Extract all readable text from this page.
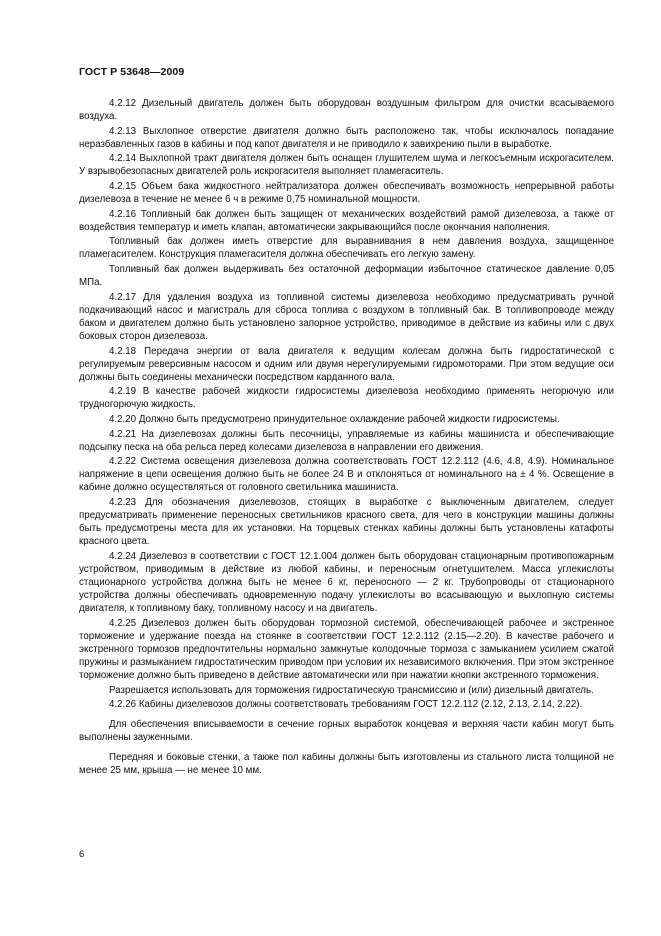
ГОСТ Р 53648—2009

4.2.12 Дизельный двигатель должен быть оборудован воздушным фильтром для очистки всасываемого воздуха.

4.2.13 Выхлопное отверстие двигателя должно быть расположено так, чтобы исключалось попадание неразбавленных газов в кабины и под капот двигателя и не приводило к завихрению пыли в выработке.

4.2.14 Выхлопной тракт двигателя должен быть оснащен глушителем шума и легкосъемным искрогасителем. У взрывобезопасных двигателей роль искрогасителя выполняет пламегаситель.

4.2.15 Объем бака жидкостного нейтрализатора должен обеспечивать возможность непрерывной работы дизелевоза в течение не менее 6 ч в режиме 0,75 номинальной мощности.

4.2.16 Топливный бак должен быть защищен от механических воздействий рамой дизелевоза, а также от воздействия температур и иметь клапан, автоматически закрывающийся после окончания наполнения.

Топливный бак должен иметь отверстие для выравнивания в нем давления воздуха, защищенное пламегасителем. Конструкция пламегасителя должна обеспечивать его легкую замену.

Топливный бак должен выдерживать без остаточной деформации избыточное статическое давление 0,05 МПа.

4.2.17 Для удаления воздуха из топливной системы дизелевоза необходимо предусматривать ручной подкачивающий насос и магистраль для сброса топлива с воздухом в топливный бак. В топливопроводе между баком и двигателем должно быть установлено запорное устройство, приводимое в действие из кабины или с двух боковых сторон дизелевоза.

4.2.18 Передача энергии от вала двигателя к ведущим колесам должна быть гидростатической с регулируемым реверсивным насосом и одним или двумя нерегулируемыми гидромоторами. При этом ведущие оси должны быть соединены механически посредством карданного вала.

4.2.19 В качестве рабочей жидкости гидросистемы дизелевоза необходимо применять негорючую или трудногорючую жидкость.

4.2.20 Должно быть предусмотрено принудительное охлаждение рабочей жидкости гидросистемы.

4.2.21 На дизелевозах должны быть песочницы, управляемые из кабины машиниста и обеспечивающие подсыпку песка на оба рельса перед колесами дизелевоза в направлении его движения.

4.2.22 Система освещения дизелевоза должна соответствовать ГОСТ 12.2.112 (4.6, 4.8, 4.9). Номинальное напряжение в цепи освещения должно быть не более 24 В и отклоняться от номинального на ± 4 %. Освещение в кабине должно осуществляться от головного светильника машиниста.

4.2.23 Для обозначения дизелевозов, стоящих в выработке с выключенным двигателем, следует предусматривать применение переносных светильников красного света, для чего в конструкции машины должны быть предусмотрены места для их установки. На торцевых стенках кабины должны быть установлены катафоты красного цвета.

4.2.24 Дизелевоз в соответствии с ГОСТ 12.1.004 должен быть оборудован стационарным противопожарным устройством, приводимым в действие из любой кабины, и переносным огнетушителем. Масса углекислоты стационарного устройства должна быть не менее 6 кг, переносного — 2 кг. Трубопроводы от стационарного устройства должны обеспечивать одновременную подачу углекислоты во всасывающую и выхлопную системы двигателя, к топливному баку, топливному насосу и на двигатель.

4.2.25 Дизелевоз должен быть оборудован тормозной системой, обеспечивающей рабочее и экстренное торможение и удержание поезда на стоянке в соответствии ГОСТ 12.2.112 (2.15—2.20). В качестве рабочего и экстренного тормозов предпочтительны нормально замкнутые колодочные тормоза с замыканием усилием сжатой пружины и размыканием гидростатическим приводом при условии их независимого включения. При этом экстренное торможение должно быть приведено в действие автоматически или при нажатии кнопки экстренного торможения.

Разрешается использовать для торможения гидростатическую трансмиссию и (или) дизельный двигатель.

4.2.26 Кабины дизелевозов должны соответствовать требованиям ГОСТ 12.2.112 (2.12, 2.13, 2.14, 2.22).

Для обеспечения вписываемости в сечение горных выработок концевая и верхняя части кабин могут быть выполнены зауженными.

Передняя и боковые стенки, а также пол кабины должны быть изготовлены из стального листа толщиной не менее 25 мм, крыша — не менее 10 мм.

6
